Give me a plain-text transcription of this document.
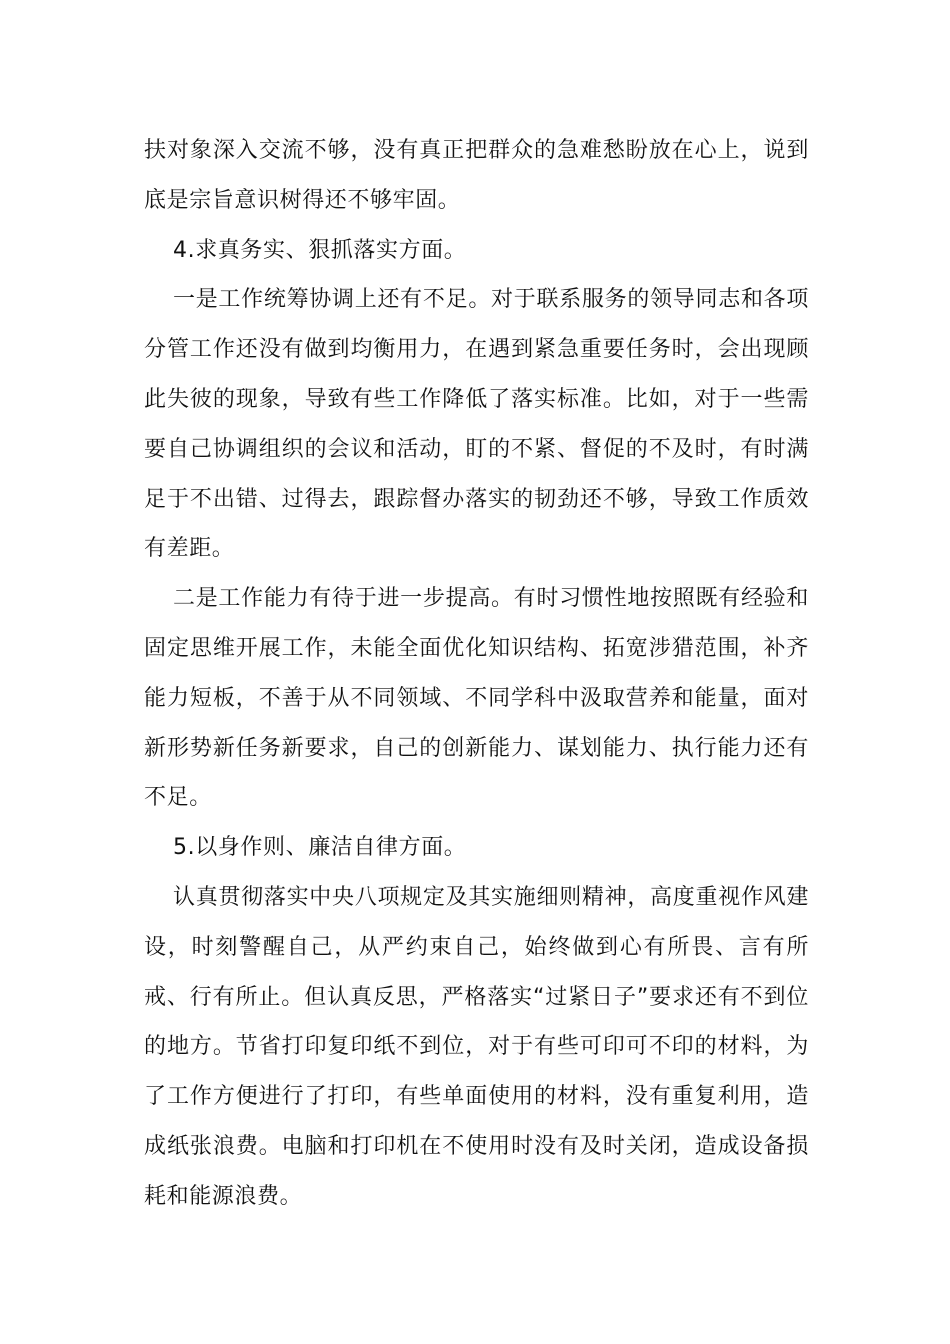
扶对象深入交流不够，没有真正把群众的急难愁盼放在心上，说到底是宗旨意识树得还不够牢固。

4.求真务实、狠抓落实方面。

一是工作统筹协调上还有不足。对于联系服务的领导同志和各项分管工作还没有做到均衡用力，在遇到紧急重要任务时，会出现顾此失彼的现象，导致有些工作降低了落实标准。比如，对于一些需要自己协调组织的会议和活动，盯的不紧、督促的不及时，有时满足于不出错、过得去，跟踪督办落实的韧劲还不够，导致工作质效有差距。

二是工作能力有待于进一步提高。有时习惯性地按照既有经验和固定思维开展工作，未能全面优化知识结构、拓宽涉猎范围，补齐能力短板，不善于从不同领域、不同学科中汲取营养和能量，面对新形势新任务新要求，自己的创新能力、谋划能力、执行能力还有不足。

5.以身作则、廉洁自律方面。

认真贯彻落实中央八项规定及其实施细则精神，高度重视作风建设，时刻警醒自己，从严约束自己，始终做到心有所畏、言有所戒、行有所止。但认真反思，严格落实“过紧日子”要求还有不到位的地方。节省打印复印纸不到位，对于有些可印可不印的材料，为了工作方便进行了打印，有些单面使用的材料，没有重复利用，造成纸张浪费。电脑和打印机在不使用时没有及时关闭，造成设备损耗和能源浪费。
